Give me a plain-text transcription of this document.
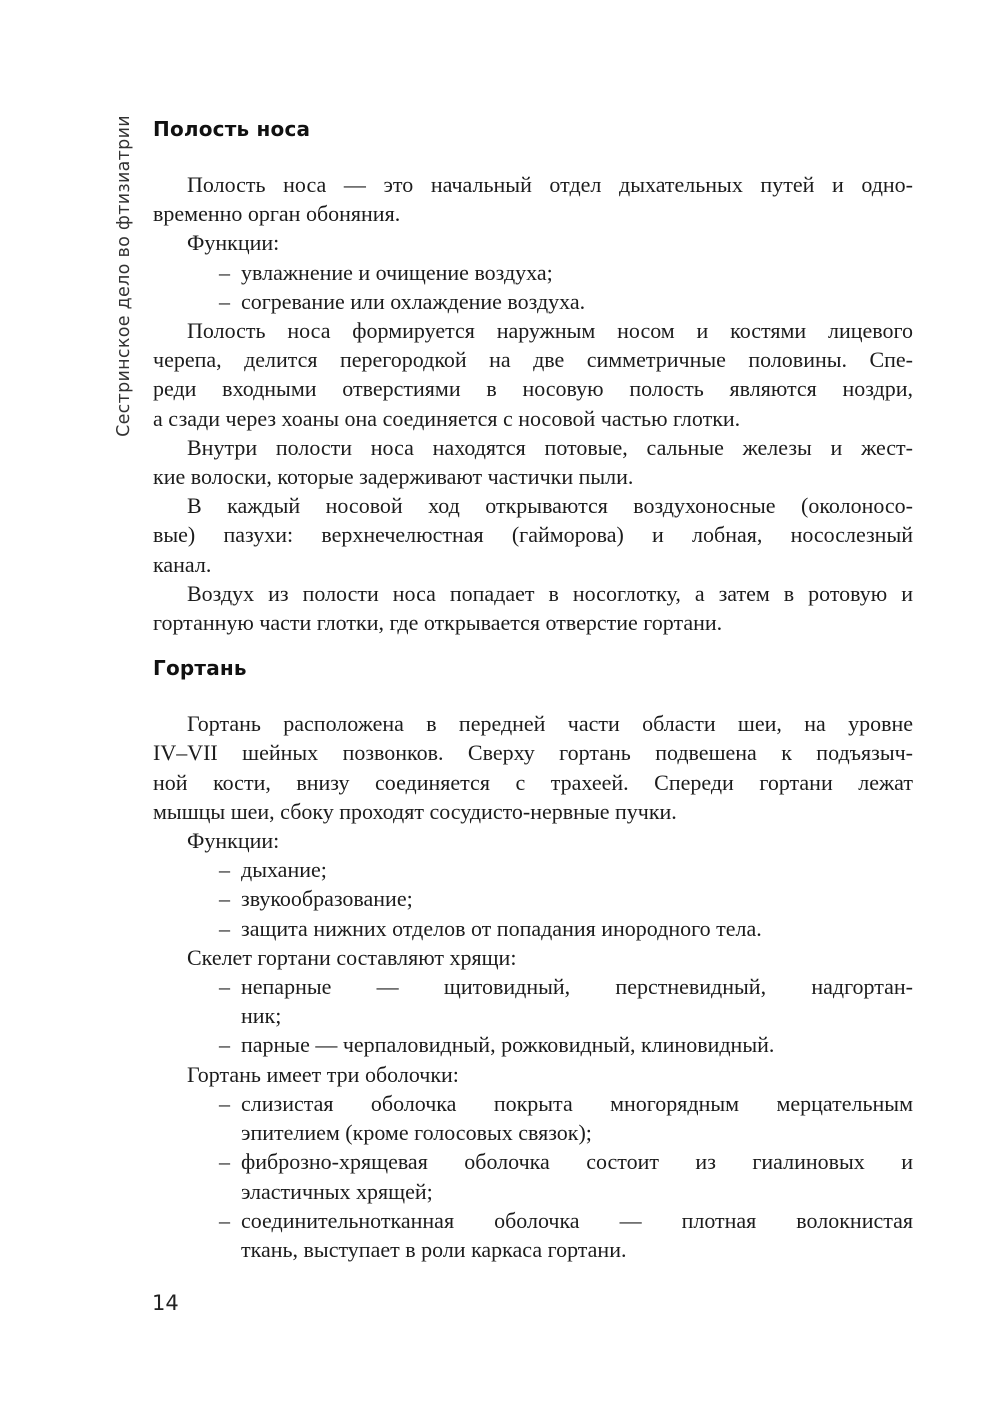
Сестринское дело во фтизиатрии Полость носа
Полость носа — это начальный отдел дыхательных путей и одно-
временно орган обоняния.
Функции:
– увлажнение и очищение воздуха;
– согревание или охлаждение воздуха.
Полость носа формируется наружным носом и костями лицевого
черепа, делится перегородкой на две симметричные половины. Спе-
реди входными отверстиями в носовую полость являются ноздри,
а сзади через хоаны она соединяется с носовой частью глотки.
Внутри полости носа находятся потовые, сальные железы и жест-
кие волоски, которые задерживают частички пыли.
В каждый носовой ход открываются воздухоносные (околоносо-
вые) пазухи: верхнечелюстная (гайморова) и лобная, носослезный
канал.
Воздух из полости носа попадает в носоглотку, а затем в ротовую и
гортанную части глотки, где открывается отверстие гортани.
Гортань
Гортань расположена в передней части области шеи, на уровне
IV–VII шейных позвонков. Сверху гортань подвешена к подъязыч-
ной кости, внизу соединяется с трахеей. Спереди гортани лежат
мышцы шеи, сбоку проходят сосудисто-нервные пучки.
Функции:
– дыхание;
– звукообразование;
– защита нижних отделов от попадания инородного тела.
Скелет гортани составляют хрящи:
– непарные — щитовидный, перстневидный, надгортан-
ник;
– парные — черпаловидный, рожковидный, клиновидный.
Гортань имеет три оболочки:
– слизистая оболочка покрыта многорядным мерцательным
эпителием (кроме голосовых связок);
– фиброзно-хрящевая оболочка состоит из гиалиновых и
эластичных хрящей;
– соединительнотканная оболочка — плотная волокнистая
ткань, выступает в роли каркаса гортани.
14
